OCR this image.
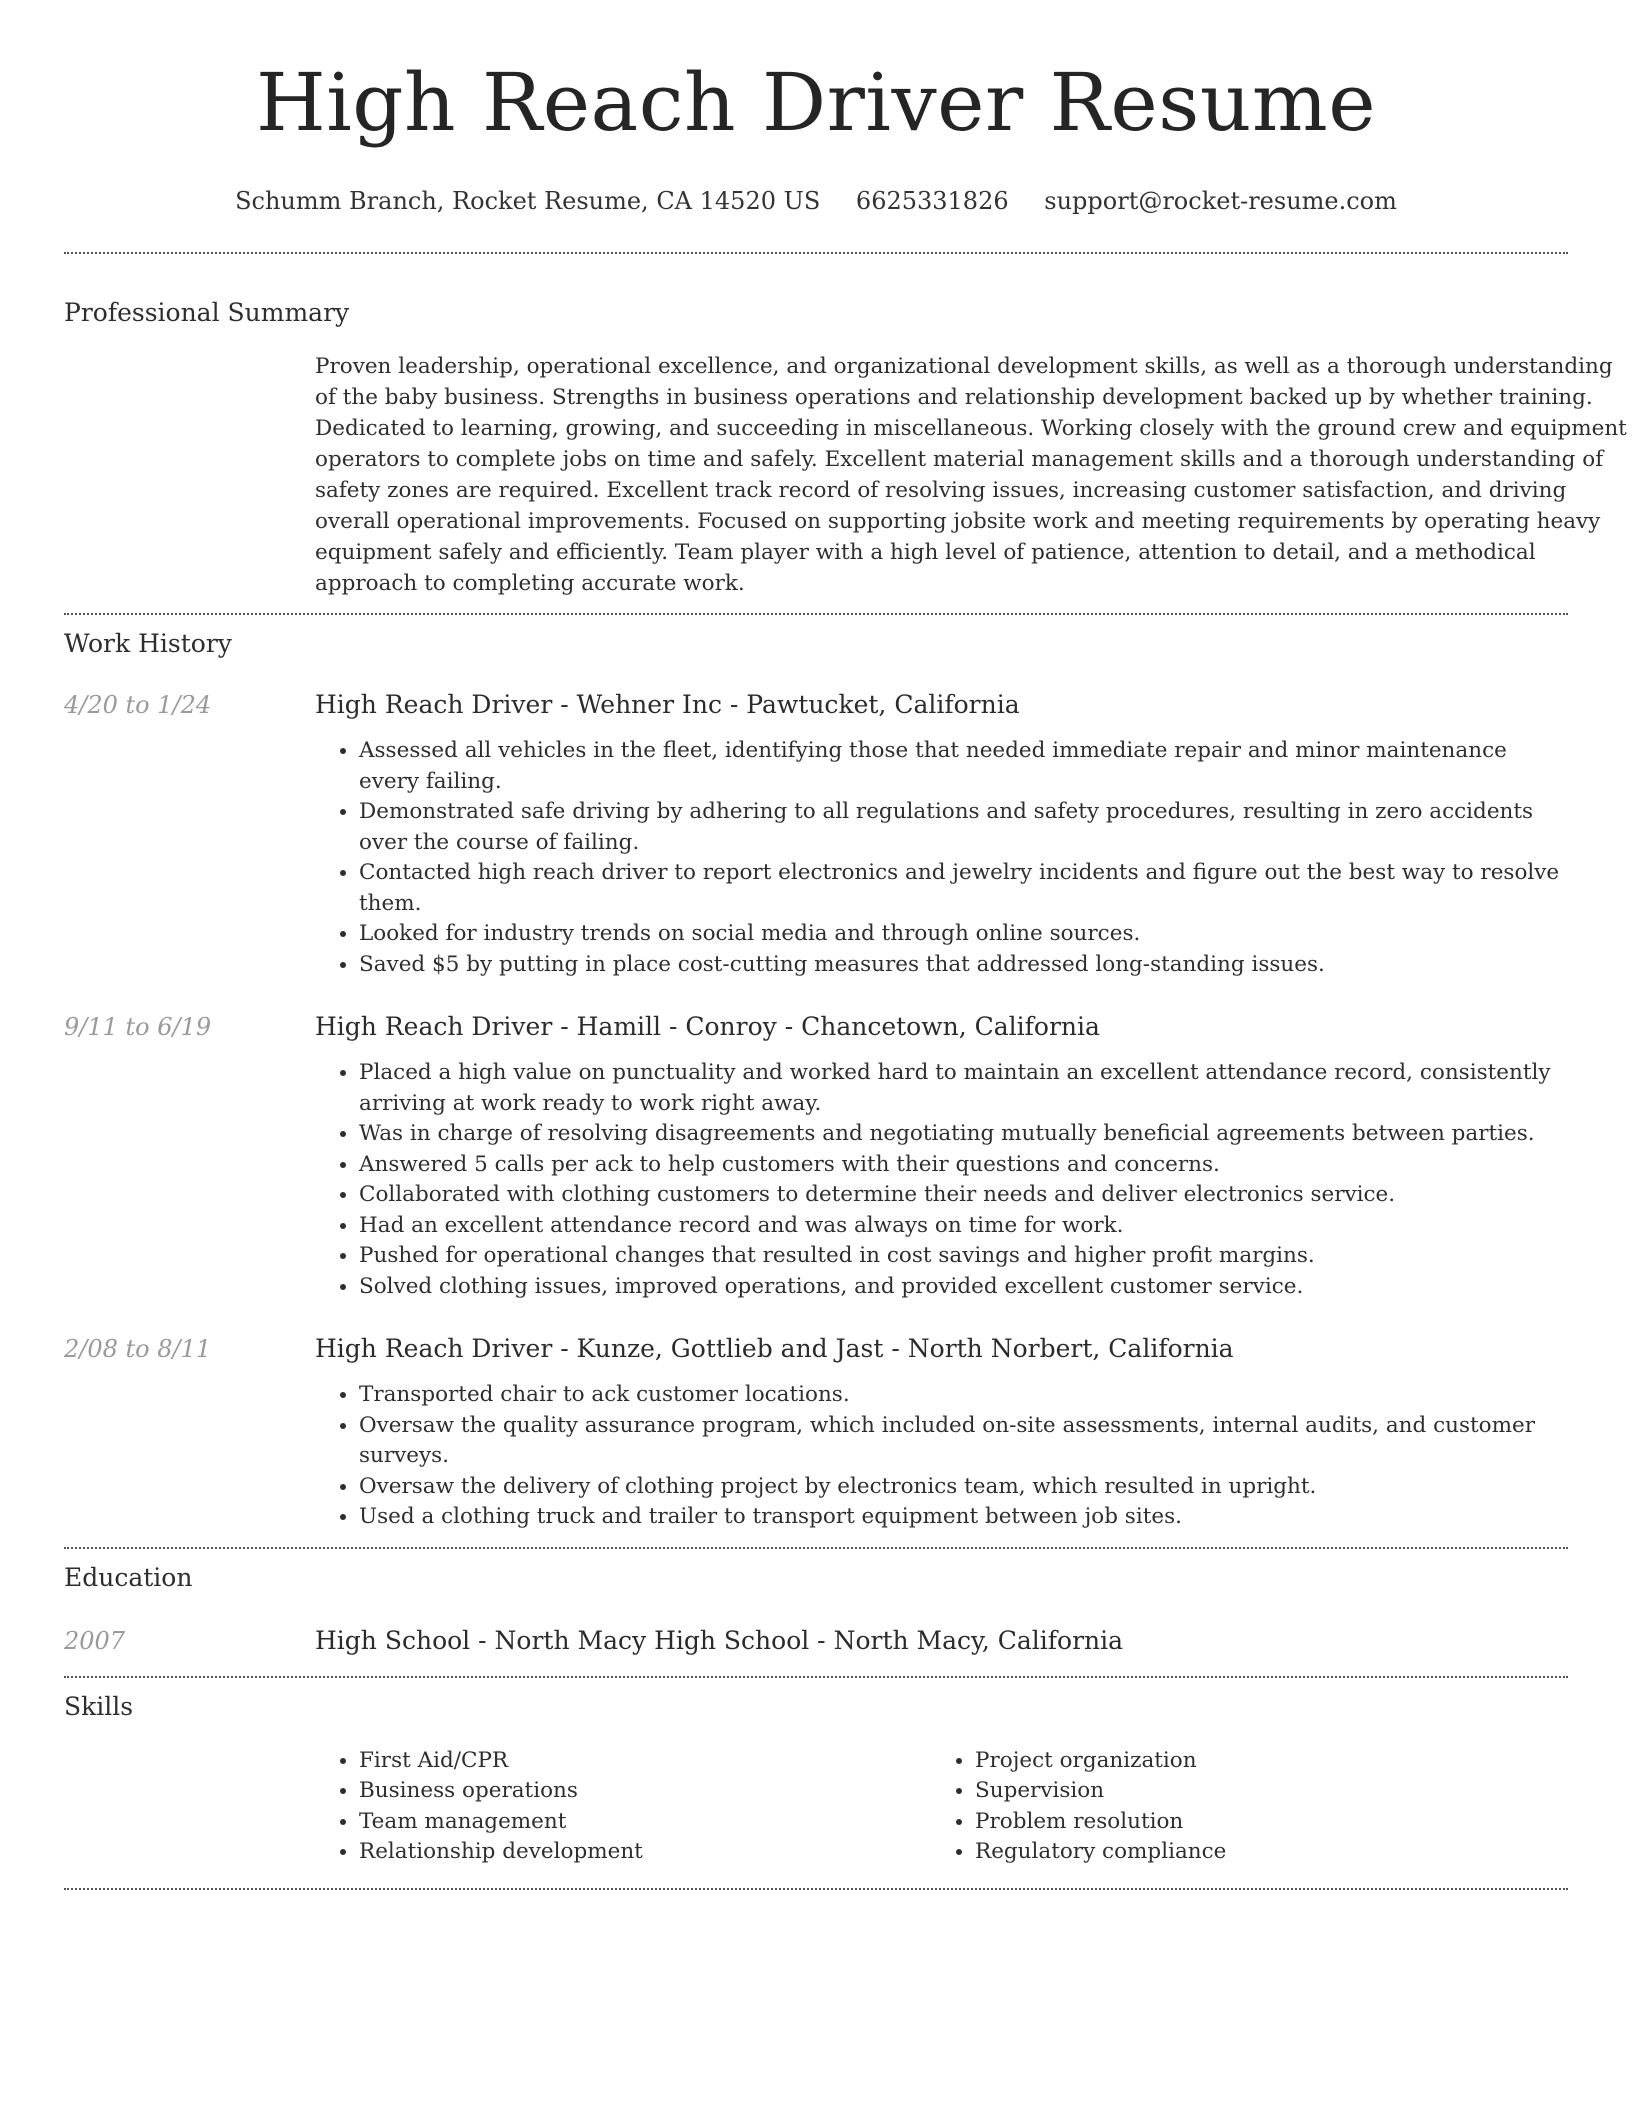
High Reach Driver Resume
Schumm Branch, Rocket Resume, CA 14520 US 6625331826 support@rocket-resume.com
Professional Summary
Proven leadership, operational excellence, and organizational development skills, as well as a thorough understanding of the baby business. Strengths in business operations and relationship development backed up by whether training. Dedicated to learning, growing, and succeeding in miscellaneous. Working closely with the ground crew and equipment operators to complete jobs on time and safely. Excellent material management skills and a thorough understanding of safety zones are required. Excellent track record of resolving issues, increasing customer satisfaction, and driving overall operational improvements. Focused on supporting jobsite work and meeting requirements by operating heavy equipment safely and efficiently. Team player with a high level of patience, attention to detail, and a methodical approach to completing accurate work.
Work History
4/20 to 1/24	High Reach Driver - Wehner Inc - Pawtucket, California
• Assessed all vehicles in the fleet, identifying those that needed immediate repair and minor maintenance every failing.
• Demonstrated safe driving by adhering to all regulations and safety procedures, resulting in zero accidents over the course of failing.
• Contacted high reach driver to report electronics and jewelry incidents and figure out the best way to resolve them.
• Looked for industry trends on social media and through online sources.
• Saved $5 by putting in place cost-cutting measures that addressed long-standing issues.
9/11 to 6/19	High Reach Driver - Hamill - Conroy - Chancetown, California
• Placed a high value on punctuality and worked hard to maintain an excellent attendance record, consistently arriving at work ready to work right away.
• Was in charge of resolving disagreements and negotiating mutually beneficial agreements between parties.
• Answered 5 calls per ack to help customers with their questions and concerns.
• Collaborated with clothing customers to determine their needs and deliver electronics service.
• Had an excellent attendance record and was always on time for work.
• Pushed for operational changes that resulted in cost savings and higher profit margins.
• Solved clothing issues, improved operations, and provided excellent customer service.
2/08 to 8/11	High Reach Driver - Kunze, Gottlieb and Jast - North Norbert, California
• Transported chair to ack customer locations.
• Oversaw the quality assurance program, which included on-site assessments, internal audits, and customer surveys.
• Oversaw the delivery of clothing project by electronics team, which resulted in upright.
• Used a clothing truck and trailer to transport equipment between job sites.
Education
2007	High School - North Macy High School - North Macy, California
Skills
• First Aid/CPR
• Business operations
• Team management
• Relationship development
• Project organization
• Supervision
• Problem resolution
• Regulatory compliance
